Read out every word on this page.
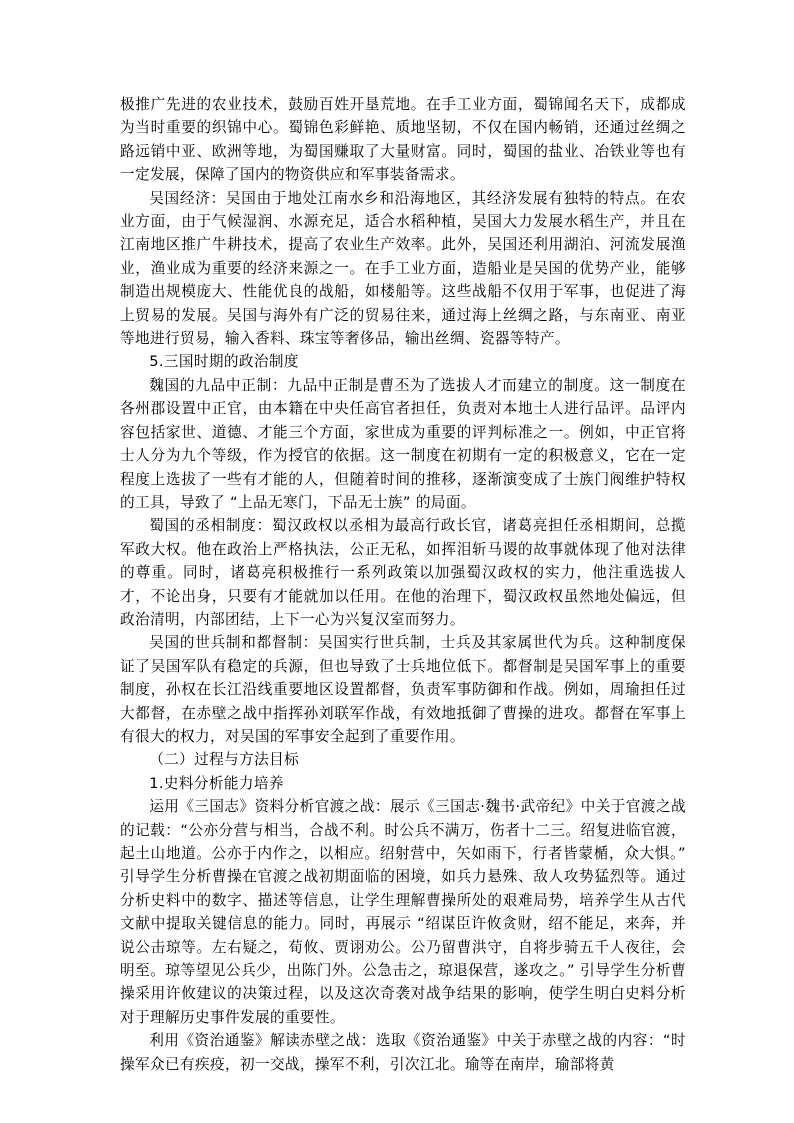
极推广先进的农业技术，鼓励百姓开垦荒地。在手工业方面，蜀锦闻名天下，成都成为当时重要的织锦中心。蜀锦色彩鲜艳、质地坚韧，不仅在国内畅销，还通过丝绸之路远销中亚、欧洲等地，为蜀国赚取了大量财富。同时，蜀国的盐业、冶铁业等也有一定发展，保障了国内的物资供应和军事装备需求。

吴国经济：吴国由于地处江南水乡和沿海地区，其经济发展有独特的特点。在农业方面，由于气候湿润、水源充足，适合水稻种植，吴国大力发展水稻生产，并且在江南地区推广牛耕技术，提高了农业生产效率。此外，吴国还利用湖泊、河流发展渔业，渔业成为重要的经济来源之一。在手工业方面，造船业是吴国的优势产业，能够制造出规模庞大、性能优良的战船，如楼船等。这些战船不仅用于军事，也促进了海上贸易的发展。吴国与海外有广泛的贸易往来，通过海上丝绸之路，与东南亚、南亚等地进行贸易，输入香料、珠宝等奢侈品，输出丝绸、瓷器等特产。

5.三国时期的政治制度

魏国的九品中正制：九品中正制是曹丕为了选拔人才而建立的制度。这一制度在各州郡设置中正官，由本籍在中央任高官者担任，负责对本地士人进行品评。品评内容包括家世、道德、才能三个方面，家世成为重要的评判标准之一。例如，中正官将士人分为九个等级，作为授官的依据。这一制度在初期有一定的积极意义，它在一定程度上选拔了一些有才能的人，但随着时间的推移，逐渐演变成了士族门阀维护特权的工具，导致了 “上品无寒门，下品无士族” 的局面。

蜀国的丞相制度：蜀汉政权以丞相为最高行政长官，诸葛亮担任丞相期间，总揽军政大权。他在政治上严格执法，公正无私，如挥泪斩马谡的故事就体现了他对法律的尊重。同时，诸葛亮积极推行一系列政策以加强蜀汉政权的实力，他注重选拔人才，不论出身，只要有才能就加以任用。在他的治理下，蜀汉政权虽然地处偏远，但政治清明，内部团结，上下一心为兴复汉室而努力。

吴国的世兵制和都督制：吴国实行世兵制，士兵及其家属世代为兵。这种制度保证了吴国军队有稳定的兵源，但也导致了士兵地位低下。都督制是吴国军事上的重要制度，孙权在长江沿线重要地区设置都督，负责军事防御和作战。例如，周瑜担任过大都督，在赤壁之战中指挥孙刘联军作战，有效地抵御了曹操的进攻。都督在军事上有很大的权力，对吴国的军事安全起到了重要作用。

（二）过程与方法目标

1.史料分析能力培养

运用《三国志》资料分析官渡之战：展示《三国志·魏书·武帝纪》中关于官渡之战的记载：“公亦分营与相当，合战不利。时公兵不满万，伤者十二三。绍复进临官渡，起土山地道。公亦于内作之，以相应。绍射营中，矢如雨下，行者皆蒙楯，众大惧。” 引导学生分析曹操在官渡之战初期面临的困境，如兵力悬殊、敌人攻势猛烈等。通过分析史料中的数字、描述等信息，让学生理解曹操所处的艰难局势，培养学生从古代文献中提取关键信息的能力。同时，再展示 “绍谋臣许攸贪财，绍不能足，来奔，并说公击琼等。左右疑之，荀攸、贾诩劝公。公乃留曹洪守，自将步骑五千人夜往，会明至。琼等望见公兵少，出陈门外。公急击之，琼退保营，遂攻之。” 引导学生分析曹操采用许攸建议的决策过程，以及这次奇袭对战争结果的影响，使学生明白史料分析对于理解历史事件发展的重要性。

利用《资治通鉴》解读赤壁之战：选取《资治通鉴》中关于赤壁之战的内容：“时操军众已有疾疫，初一交战，操军不利，引次江北。瑜等在南岸，瑜部将黄
